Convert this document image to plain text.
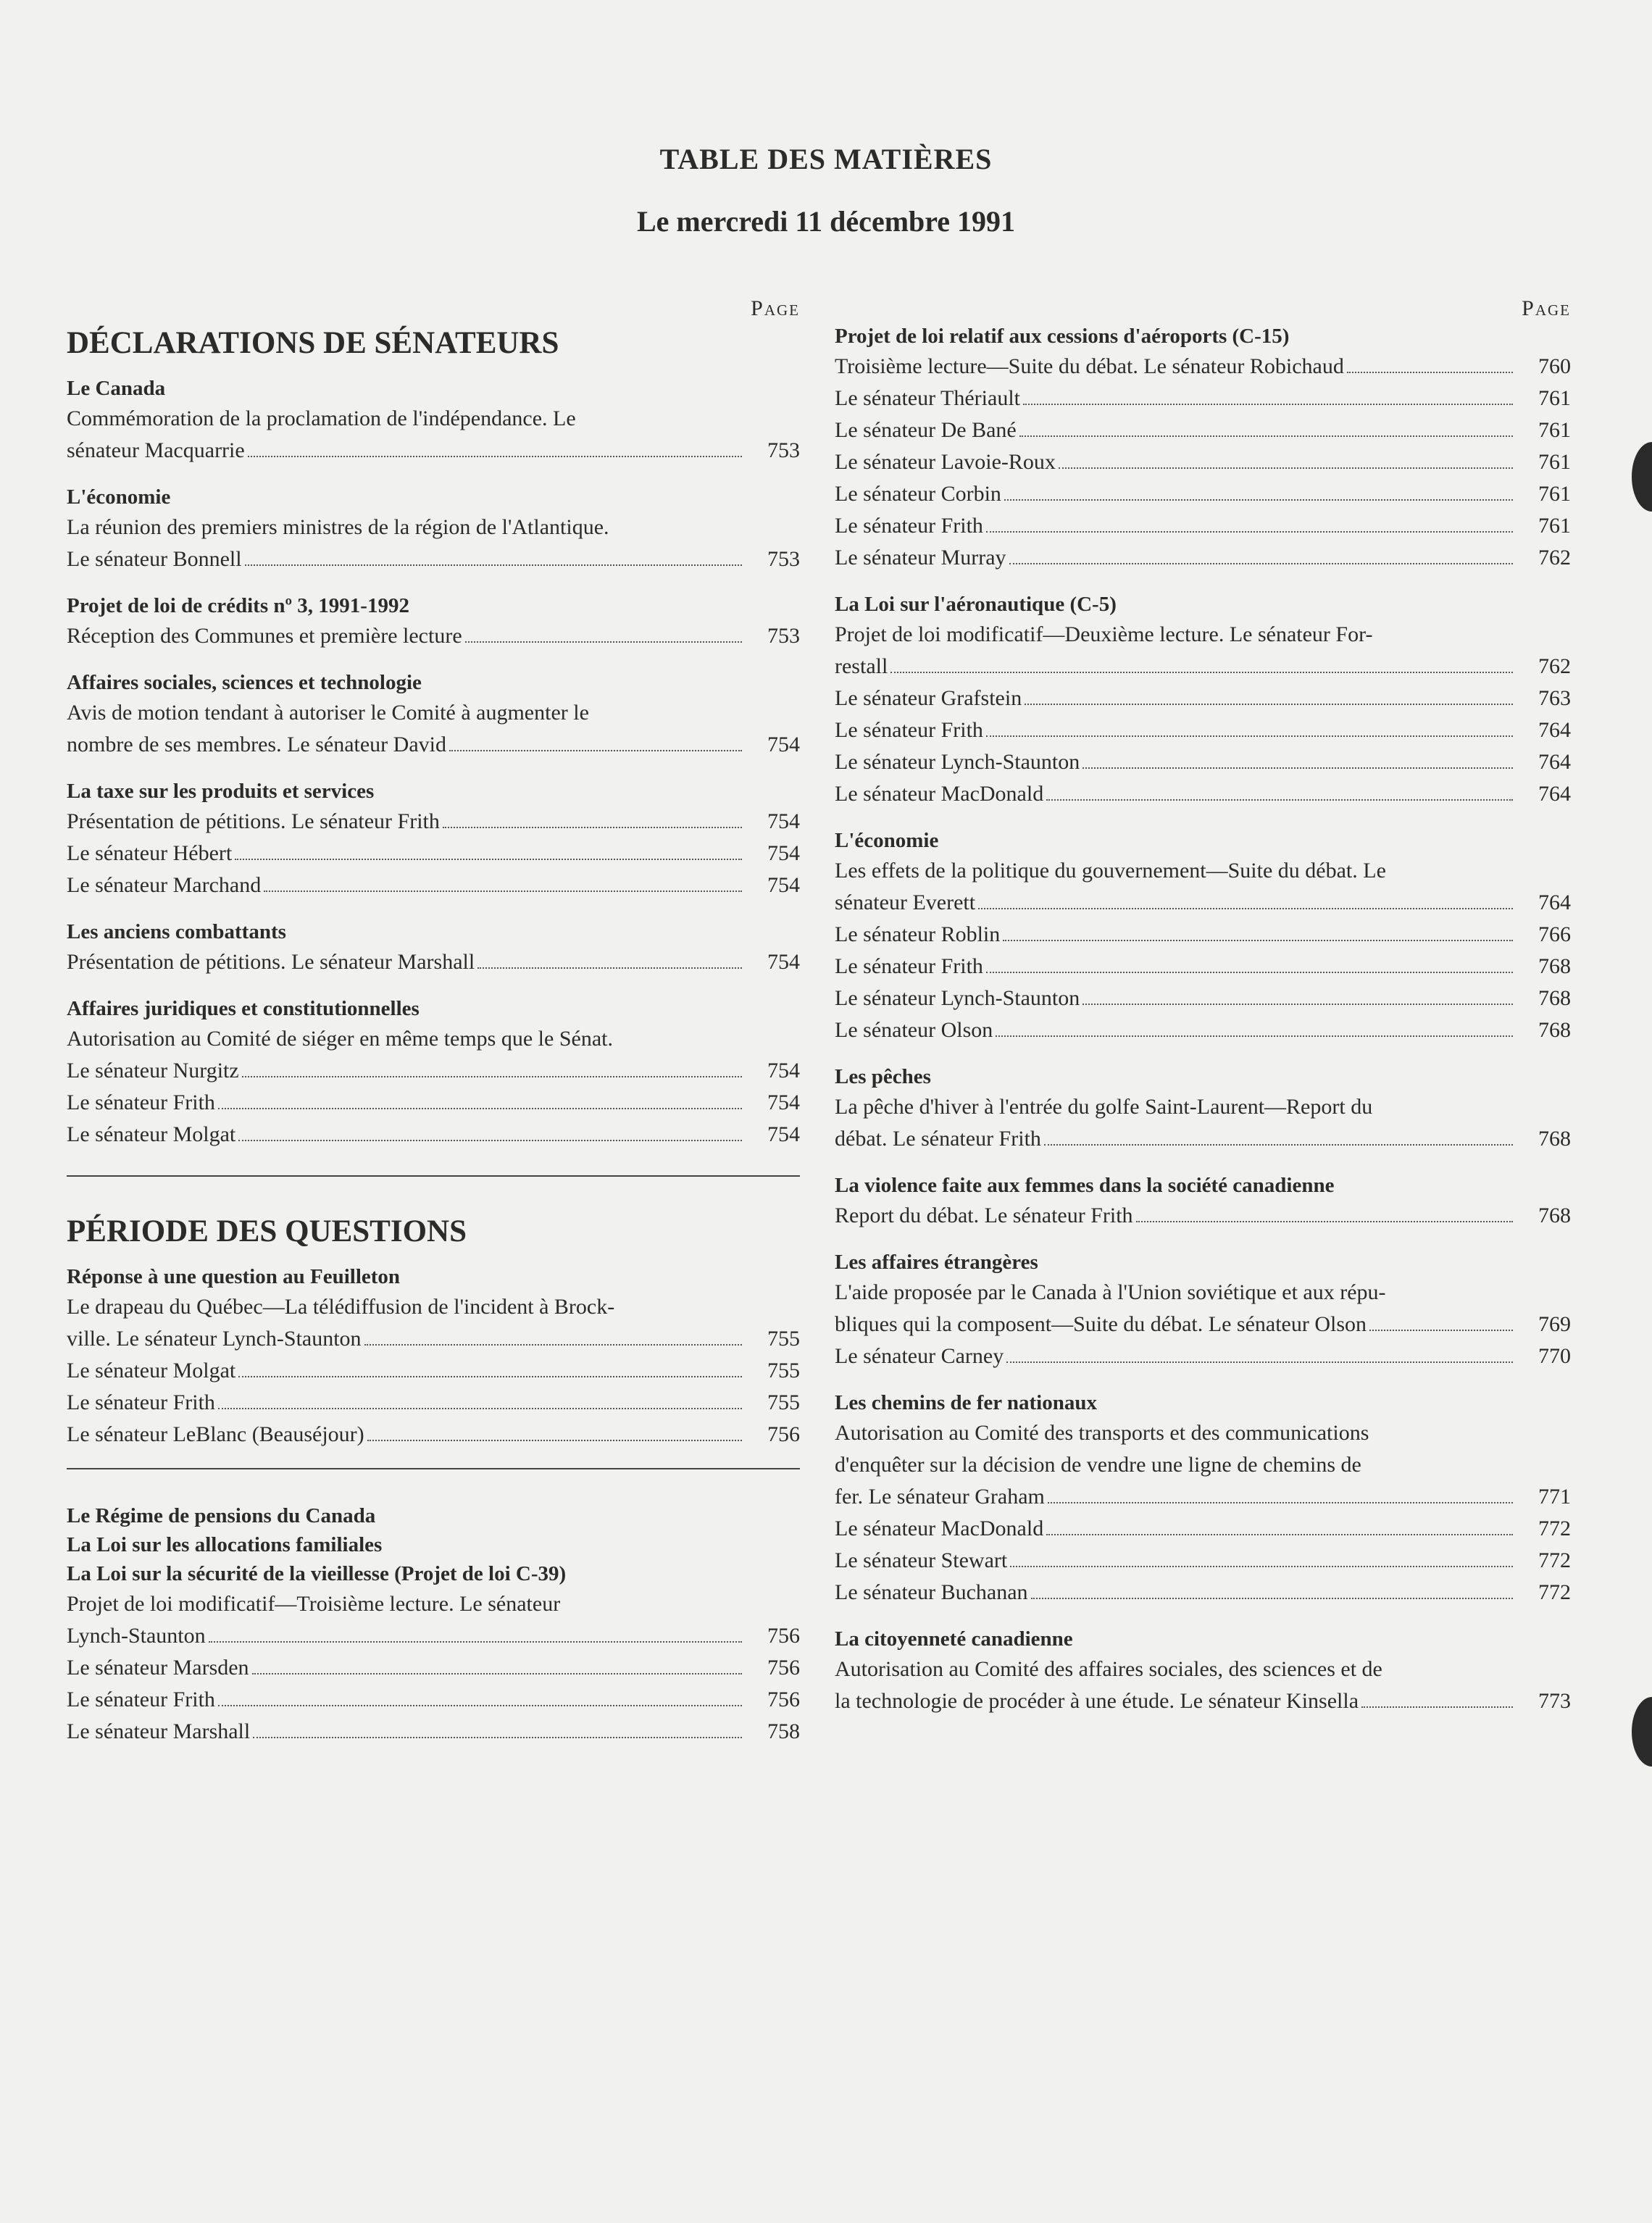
TABLE DES MATIÈRES
Le mercredi 11 décembre 1991
Page
DÉCLARATIONS DE SÉNATEURS
Le Canada
Commémoration de la proclamation de l'indépendance. Le
sénateur Macquarrie	753
L'économie
La réunion des premiers ministres de la région de l'Atlantique.
Le sénateur Bonnell	753
Projet de loi de crédits nº 3, 1991-1992
Réception des Communes et première lecture	753
Affaires sociales, sciences et technologie
Avis de motion tendant à autoriser le Comité à augmenter le
nombre de ses membres. Le sénateur David	754
La taxe sur les produits et services
Présentation de pétitions. Le sénateur Frith	754
Le sénateur Hébert	754
Le sénateur Marchand	754
Les anciens combattants
Présentation de pétitions. Le sénateur Marshall	754
Affaires juridiques et constitutionnelles
Autorisation au Comité de siéger en même temps que le Sénat.
Le sénateur Nurgitz	754
Le sénateur Frith	754
Le sénateur Molgat	754
PÉRIODE DES QUESTIONS
Réponse à une question au Feuilleton
Le drapeau du Québec—La télédiffusion de l'incident à Brock-
ville. Le sénateur Lynch-Staunton	755
Le sénateur Molgat	755
Le sénateur Frith	755
Le sénateur LeBlanc (Beauséjour)	756
Le Régime de pensions du Canada
La Loi sur les allocations familiales
La Loi sur la sécurité de la vieillesse (Projet de loi C-39)
Projet de loi modificatif—Troisième lecture. Le sénateur
Lynch-Staunton	756
Le sénateur Marsden	756
Le sénateur Frith	756
Le sénateur Marshall	758
Page
Projet de loi relatif aux cessions d'aéroports (C-15)
Troisième lecture—Suite du débat. Le sénateur Robichaud	760
Le sénateur Thériault	761
Le sénateur De Bané	761
Le sénateur Lavoie-Roux	761
Le sénateur Corbin	761
Le sénateur Frith	761
Le sénateur Murray	762
La Loi sur l'aéronautique (C-5)
Projet de loi modificatif—Deuxième lecture. Le sénateur For-
restall	762
Le sénateur Grafstein	763
Le sénateur Frith	764
Le sénateur Lynch-Staunton	764
Le sénateur MacDonald	764
L'économie
Les effets de la politique du gouvernement—Suite du débat. Le
sénateur Everett	764
Le sénateur Roblin	766
Le sénateur Frith	768
Le sénateur Lynch-Staunton	768
Le sénateur Olson	768
Les pêches
La pêche d'hiver à l'entrée du golfe Saint-Laurent—Report du
débat. Le sénateur Frith	768
La violence faite aux femmes dans la société canadienne
Report du débat. Le sénateur Frith	768
Les affaires étrangères
L'aide proposée par le Canada à l'Union soviétique et aux répu-
bliques qui la composent—Suite du débat. Le sénateur Olson	769
Le sénateur Carney	770
Les chemins de fer nationaux
Autorisation au Comité des transports et des communications
d'enquêter sur la décision de vendre une ligne de chemins de
fer. Le sénateur Graham	771
Le sénateur MacDonald	772
Le sénateur Stewart	772
Le sénateur Buchanan	772
La citoyenneté canadienne
Autorisation au Comité des affaires sociales, des sciences et de
la technologie de procéder à une étude. Le sénateur Kinsella	773
